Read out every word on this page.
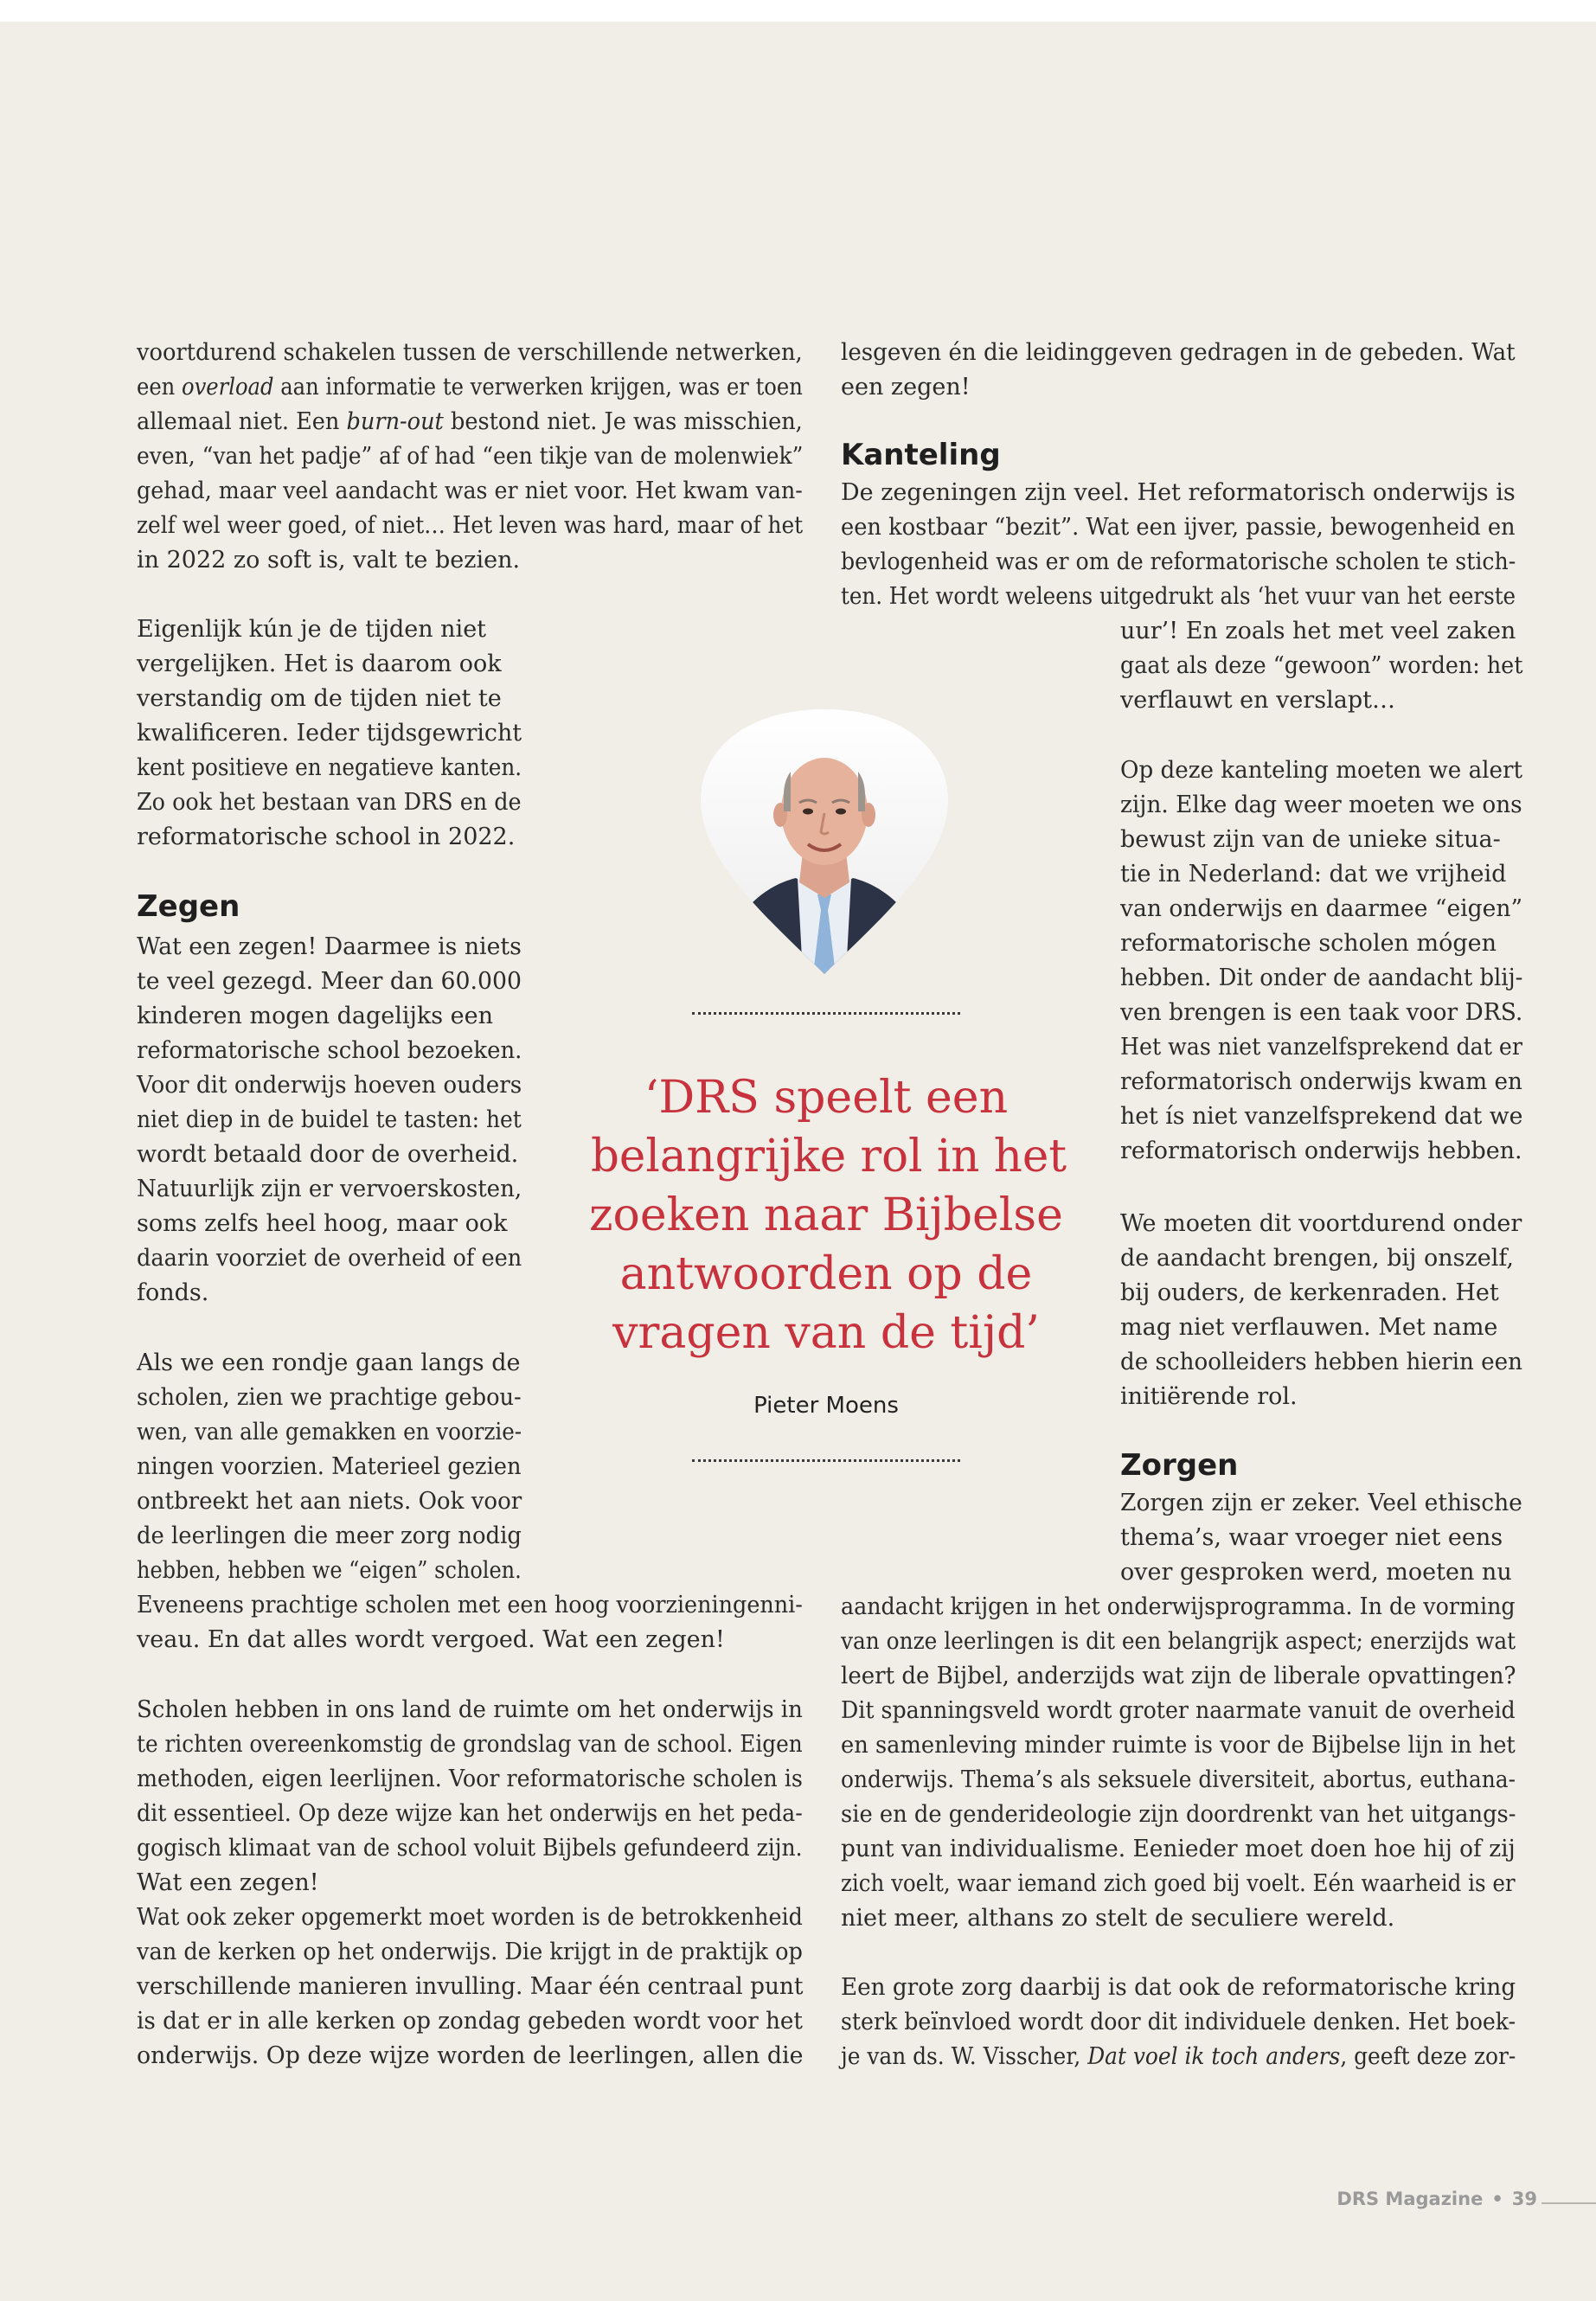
voortdurend schakelen tussen de verschillende netwerken,
een overload aan informatie te verwerken krijgen, was er toen
allemaal niet. Een burn-out bestond niet. Je was misschien,
even, “van het padje” af of had “een tikje van de molenwiek”
gehad, maar veel aandacht was er niet voor. Het kwam van-
zelf wel weer goed, of niet… Het leven was hard, maar of het
in 2022 zo soft is, valt te bezien.
Eigenlijk kún je de tijden niet
vergelijken. Het is daarom ook
verstandig om de tijden niet te
kwalificeren. Ieder tijdsgewricht
kent positieve en negatieve kanten.
Zo ook het bestaan van DRS en de
reformatorische school in 2022.
Zegen
Wat een zegen! Daarmee is niets
te veel gezegd. Meer dan 60.000
kinderen mogen dagelijks een
reformatorische school bezoeken.
Voor dit onderwijs hoeven ouders
niet diep in de buidel te tasten: het
wordt betaald door de overheid.
Natuurlijk zijn er vervoerskosten,
soms zelfs heel hoog, maar ook
daarin voorziet de overheid of een
fonds.
Als we een rondje gaan langs de
scholen, zien we prachtige gebou-
wen, van alle gemakken en voorzie-
ningen voorzien. Materieel gezien
ontbreekt het aan niets. Ook voor
de leerlingen die meer zorg nodig
hebben, hebben we “eigen” scholen.
Eveneens prachtige scholen met een hoog voorzieningenni-
veau. En dat alles wordt vergoed. Wat een zegen!
Scholen hebben in ons land de ruimte om het onderwijs in
te richten overeenkomstig de grondslag van de school. Eigen
methoden, eigen leerlijnen. Voor reformatorische scholen is
dit essentieel. Op deze wijze kan het onderwijs en het peda-
gogisch klimaat van de school voluit Bijbels gefundeerd zijn.
Wat een zegen!
Wat ook zeker opgemerkt moet worden is de betrokkenheid
van de kerken op het onderwijs. Die krijgt in de praktijk op
verschillende manieren invulling. Maar één centraal punt
is dat er in alle kerken op zondag gebeden wordt voor het
onderwijs. Op deze wijze worden de leerlingen, allen die
‘DRS speelt een
belangrijke rol in het
zoeken naar Bijbelse
antwoorden op de
vragen van de tijd’
Pieter Moens
lesgeven én die leidinggeven gedragen in de gebeden. Wat
een zegen!
Kanteling
De zegeningen zijn veel. Het reformatorisch onderwijs is
een kostbaar “bezit”. Wat een ijver, passie, bewogenheid en
bevlogenheid was er om de reformatorische scholen te stich-
ten. Het wordt weleens uitgedrukt als ‘het vuur van het eerste
uur’! En zoals het met veel zaken
gaat als deze “gewoon” worden: het
verflauwt en verslapt…
Op deze kanteling moeten we alert
zijn. Elke dag weer moeten we ons
bewust zijn van de unieke situa-
tie in Nederland: dat we vrijheid
van onderwijs en daarmee “eigen”
reformatorische scholen mógen
hebben. Dit onder de aandacht blij-
ven brengen is een taak voor DRS.
Het was niet vanzelfsprekend dat er
reformatorisch onderwijs kwam en
het ís niet vanzelfsprekend dat we
reformatorisch onderwijs hebben.
We moeten dit voortdurend onder
de aandacht brengen, bij onszelf,
bij ouders, de kerkenraden. Het
mag niet verflauwen. Met name
de schoolleiders hebben hierin een
initiërende rol.
Zorgen
Zorgen zijn er zeker. Veel ethische
thema’s, waar vroeger niet eens
over gesproken werd, moeten nu
aandacht krijgen in het onderwijsprogramma. In de vorming
van onze leerlingen is dit een belangrijk aspect; enerzijds wat
leert de Bijbel, anderzijds wat zijn de liberale opvattingen?
Dit spanningsveld wordt groter naarmate vanuit de overheid
en samenleving minder ruimte is voor de Bijbelse lijn in het
onderwijs. Thema’s als seksuele diversiteit, abortus, euthana-
sie en de genderideologie zijn doordrenkt van het uitgangs-
punt van individualisme. Eenieder moet doen hoe hij of zij
zich voelt, waar iemand zich goed bij voelt. Eén waarheid is er
niet meer, althans zo stelt de seculiere wereld.
Een grote zorg daarbij is dat ook de reformatorische kring
sterk beïnvloed wordt door dit individuele denken. Het boek-
je van ds. W. Visscher, Dat voel ik toch anders, geeft deze zor-
DRS Magazine • 39
